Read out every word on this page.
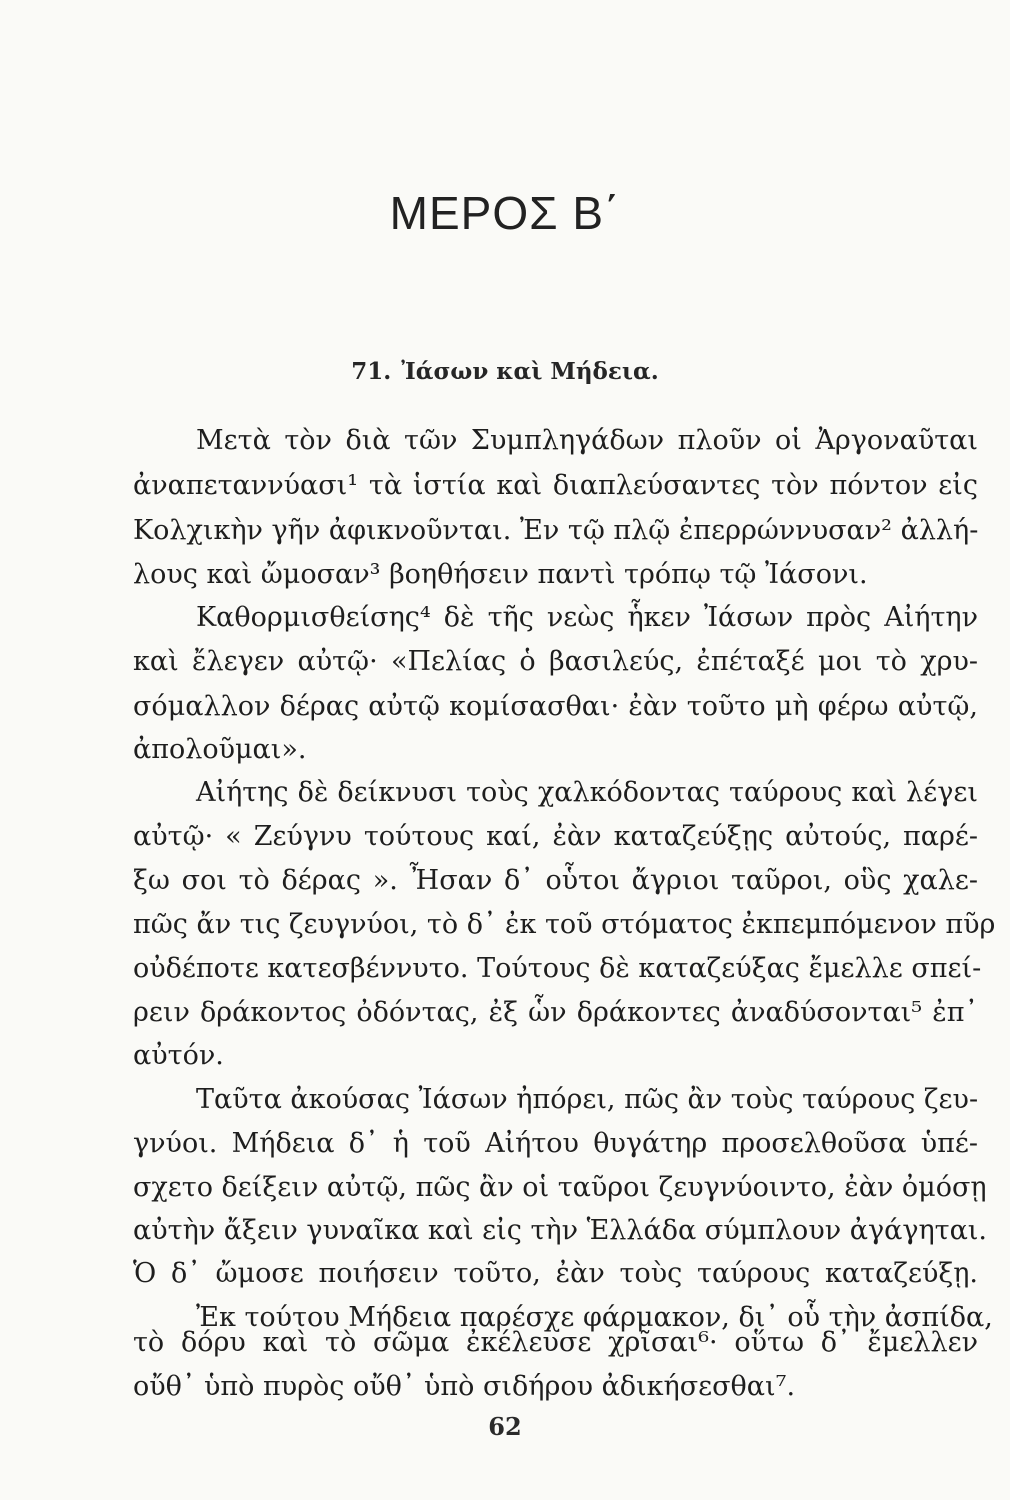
ΜΕΡΟΣ Β΄
71. Ἰάσων καὶ Μήδεια.
Μετὰ τὸν διὰ τῶν Συμπληγάδων πλοῦν οἱ Ἀργοναῦται
ἀναπεταννύασι¹ τὰ ἱστία καὶ διαπλεύσαντες τὸν πόντον εἰς
Κολχικὴν γῆν ἀφικνοῦνται. Ἐν τῷ πλῷ ἐπερρώννυσαν² ἀλλή-
λους καὶ ὤμοσαν³ βοηθήσειν παντὶ τρόπῳ τῷ Ἰάσονι.
Καθορμισθείσης⁴ δὲ τῆς νεὼς ἧκεν Ἰάσων πρὸς Αἰήτην
καὶ ἔλεγεν αὐτῷ· «Πελίας ὁ βασιλεύς, ἐπέταξέ μοι τὸ χρυ-
σόμαλλον δέρας αὐτῷ κομίσασθαι· ἐὰν τοῦτο μὴ φέρω αὐτῷ,
ἀπολοῦμαι».
Αἰήτης δὲ δείκνυσι τοὺς χαλκόδοντας ταύρους καὶ λέγει
αὐτῷ· « Ζεύγνυ τούτους καί, ἐὰν καταζεύξῃς αὐτούς, παρέ-
ξω σοι τὸ δέρας ». Ἦσαν δ᾽ οὗτοι ἄγριοι ταῦροι, οὓς χαλε-
πῶς ἄν τις ζευγνύοι, τὸ δ᾽ ἐκ τοῦ στόματος ἐκπεμπόμενον πῦρ
οὐδέποτε κατεσβέννυτο. Τούτους δὲ καταζεύξας ἔμελλε σπεί-
ρειν δράκοντος ὀδόντας, ἐξ ὧν δράκοντες ἀναδύσονται⁵ ἐπ᾽
αὐτόν.
Ταῦτα ἀκούσας Ἰάσων ἠπόρει, πῶς ἂν τοὺς ταύρους ζευ-
γνύοι. Μήδεια δ᾽ ἡ τοῦ Αἰήτου θυγάτηρ προσελθοῦσα ὑπέ-
σχετο δείξειν αὐτῷ, πῶς ἂν οἱ ταῦροι ζευγνύοιντο, ἐὰν ὀμόσῃ
αὐτὴν ἄξειν γυναῖκα καὶ εἰς τὴν Ἑλλάδα σύμπλουν ἀγάγηται.
Ὁ δ᾽ ὤμοσε ποιήσειν τοῦτο, ἐὰν τοὺς ταύρους καταζεύξῃ.
Ἐκ τούτου Μήδεια παρέσχε φάρμακον, δι᾽ οὗ τὴν ἀσπίδα,
τὸ δόρυ καὶ τὸ σῶμα ἐκέλευσε χρῖσαι⁶· οὕτω δ᾽ ἔμελλεν
62
οὔθ᾽ ὑπὸ πυρὸς οὔθ᾽ ὑπὸ σιδήρου ἀδικήσεσθαι⁷.
